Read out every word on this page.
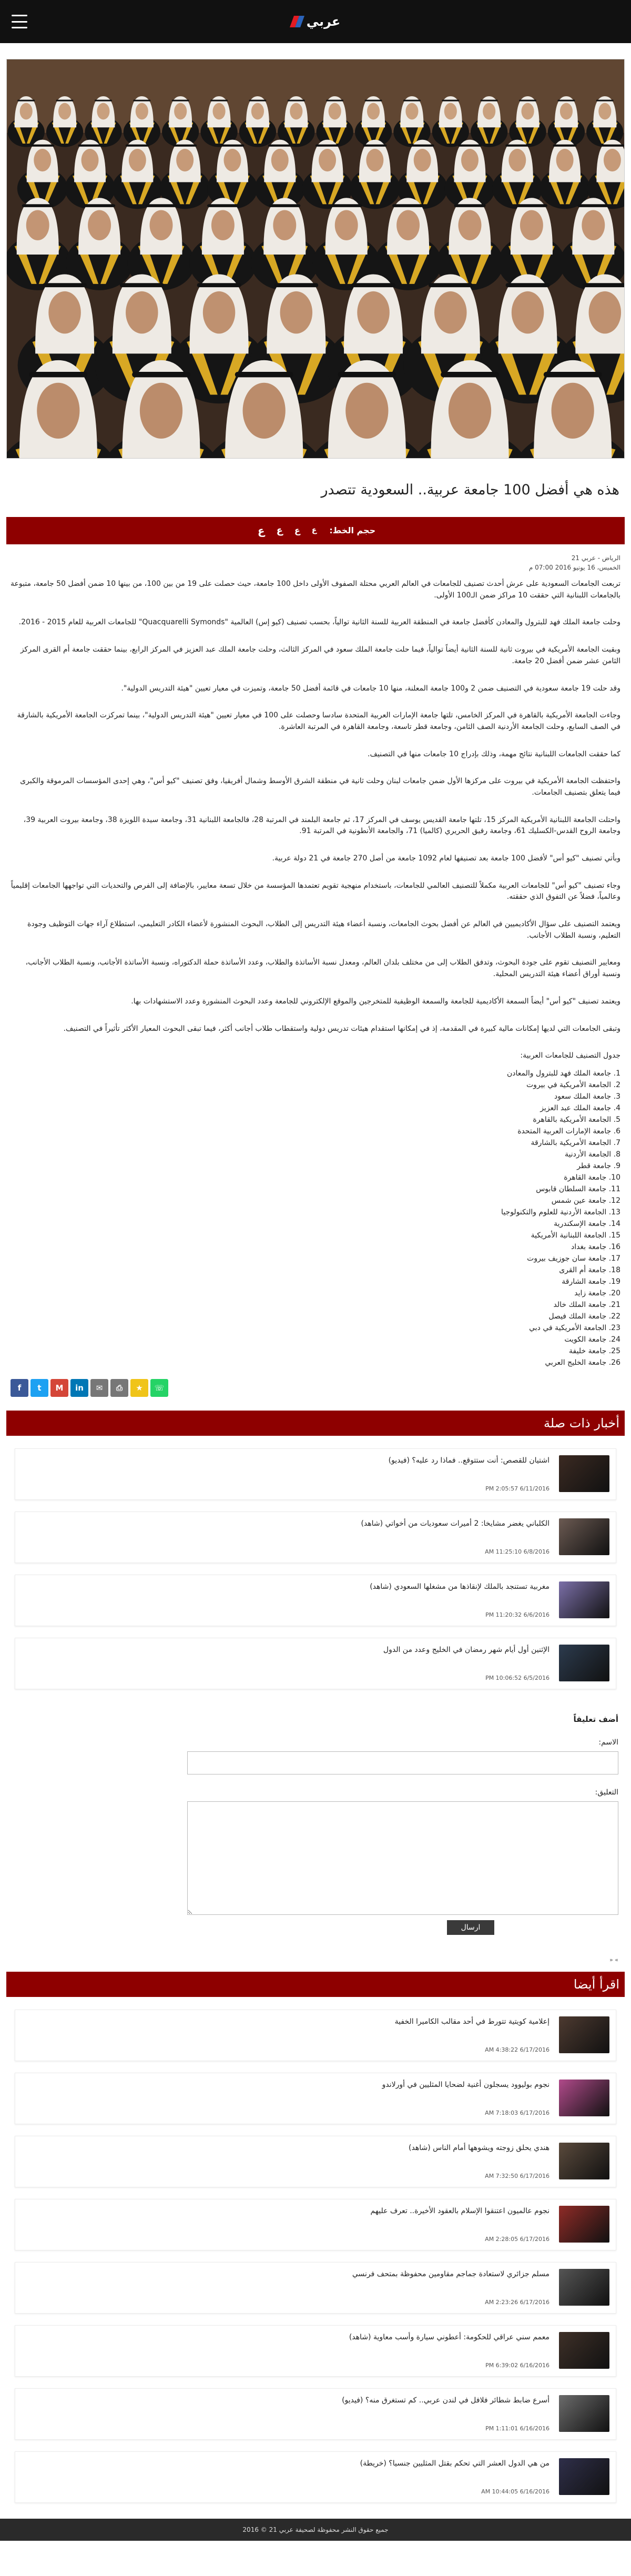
عربي
هذه هي أفضل 100 جامعة عربية.. السعودية تتصدر
حجم الخط:
ع
ع
ع
ع
الرياض - عربي 21
الخميس، 16 يونيو 2016 07:00 م

تربعت الجامعات السعودية على عرش أحدث تصنيف للجامعات في العالم العربي محتلة الصفوف الأولى داخل 100 جامعة، حيث حصلت على 19 من بين 100، من بينها 10 ضمن أفضل 50 جامعة، متبوعة بالجامعات اللبنانية التي حققت 10 مراكز ضمن الـ100 الأولى.

وحلت جامعة الملك فهد للبترول والمعادن كأفضل جامعة في المنطقة العربية للسنة الثانية توالياً، بحسب تصنيف (كيو إس) العالمية "Quacquarelli Symonds" للجامعات العربية للعام 2015 - 2016.

وبقيت الجامعة الأمريكية في بيروت ثانية للسنة الثانية أيضاً توالياً، فيما حلت جامعة الملك سعود في المركز الثالث، وحلت جامعة الملك عبد العزيز في المركز الرابع، بينما حققت جامعة أم القرى المركز الثامن عشر ضمن أفضل 20 جامعة.

وقد حلت 19 جامعة سعودية في التصنيف ضمن 2 و100 جامعة المعلنة، منها 10 جامعات في قائمة أفضل 50 جامعة، وتميزت في معيار تعيين "هيئة التدريس الدولية".

وجاءت الجامعة الأمريكية بالقاهرة في المركز الخامس، تلتها جامعة الإمارات العربية المتحدة سادسا وحصلت على 100 في معيار تعيين "هيئة التدريس الدولية"، بينما تمركزت الجامعة الأمريكية بالشارقة في الصف السابع، وحلت الجامعة الأردنية الصف الثامن، وجامعة قطر تاسعة، وجامعة القاهرة في المرتبة العاشرة.

كما حققت الجامعات اللبنانية نتائج مهمة، وذلك بإدراج 10 جامعات منها في التصنيف.

واحتفظت الجامعة الأمريكية في بيروت على مركزها الأول ضمن جامعات لبنان وحلت ثانية في منطقة الشرق الأوسط وشمال أفريقيا، وفق تصنيف "كيو أس"، وهي إحدى المؤسسات المرموقة والكبرى فيما يتعلق بتصنيف الجامعات.

واحتلت الجامعة اللبنانية الأمريكية المركز 15، تلتها جامعة القديس يوسف في المركز 17، ثم جامعة البلمند في المرتبة 28، فالجامعة اللبنانية 31، وجامعة سيدة اللويزة 38، وجامعة بيروت العربية 39، وجامعة الروح القدس-الكسليك 61، وجامعة رفيق الحريري (كالميا) 71، والجامعة الأنطونية في المرتبة 91.

وبأتي تصنيف "كيو أس" لأفضل 100 جامعة بعد تصنيفها لعام 1092 جامعة من أصل 270 جامعة في 21 دولة عربية.

وجاء تصنيف "كيو أس" للجامعات العربية مكملاً للتصنيف العالمي للجامعات، باستخدام منهجية تقويم تعتمدها المؤسسة من خلال تسعة معايير، بالإضافة إلى الفرص والتحديات التي تواجهها الجامعات إقليمياً وعالمياً، فضلاً عن التفوق الذي حققته.

ويعتمد التصنيف على سؤال الأكاديميين في العالم عن أفضل بحوث الجامعات، ونسبة أعضاء هيئة التدريس إلى الطلاب، البحوث المنشورة لأعضاء الكادر التعليمي، استطلاع آراء جهات التوظيف وجودة التعليم، ونسبة الطلاب الأجانب.

ومعايير التصنيف تقوم على جودة البحوث، وتدفق الطلاب إلى من مختلف بلدان العالم، ومعدل نسبة الأساتذة والطلاب، وعدد الأساتذة حملة الدكتوراه، ونسبة الأساتذة الأجانب، ونسبة الطلاب الأجانب، ونسبة أوراق أعضاء هيئة التدريس المحلية.

ويعتمد تصنيف "كيو أس" أيضاً السمعة الأكاديمية للجامعة والسمعة الوظيفية للمتخرجين والموقع الإلكتروني للجامعة وعدد البحوث المنشورة وعدد الاستشهادات بها.

وتبقى الجامعات التي لديها إمكانات مالية كبيرة في المقدمة، إذ في إمكانها استقدام هيئات تدريس دولية واستقطاب طلاب أجانب أكثر، فيما تبقى البحوث المعيار الأكثر تأثيراً في التصنيف.

جدول التصنيف للجامعات العربية:
1. جامعة الملك فهد للبترول والمعادن
2. الجامعة الأمريكية في بيروت
3. جامعة الملك سعود
4. جامعة الملك عبد العزيز
5. الجامعة الأمريكية بالقاهرة
6. جامعة الإمارات العربية المتحدة
7. الجامعة الأمريكية بالشارقة
8. الجامعة الأردنية
9. جامعة قطر
10. جامعة القاهرة
11. جامعة السلطان قابوس
12. جامعة عين شمس
13. الجامعة الأردنية للعلوم والتكنولوجيا
14. جامعة الإسكندرية
15. الجامعة اللبنانية الأمريكية
16. جامعة بغداد
17. جامعة سان جوزيف بيروت
18. جامعة أم القرى
19. جامعة الشارقة
20. جامعة زايد
21. جامعة الملك خالد
22. جامعة الملك فيصل
23. الجامعة الأمريكية في دبي
24. جامعة الكويت
25. جامعة خليفة
26. جامعة الخليج العربي
f	t	M	in	✉	⎙	★	☏
أخبار ذات صلة
اشتيان للقصص: أنت ستتوقع.. فماذا رد عليه؟ (فيديو)
PM 2:05:57 6/11/2016
الكلباني يغضر مشايخا: 2 أميرات سعوديات من أخواتي (شاهد)
AM 11:25:10 6/8/2016
مغربية تستنجد بالملك لإنقاذها من مشغلها السعودي (شاهد)
PM 11:20:32 6/6/2016
الإثنين أول أيام شهر رمضان في الخليج وعدد من الدول
PM 10:06:52 6/5/2016
أضف تعليقاً
الاسم:
التعليق:
ارسال
» «
اقرأ أيضا
إعلامية كويتية تتورط في أحد مقالب الكاميرا الخفية
AM 4:38:22 6/17/2016
نجوم بوليوود يسجلون أغنية لضحايا المثليين في أورلاندو
AM 7:18:03 6/17/2016
هندي يحلق زوجته ويشوهها أمام الناس (شاهد)
AM 7:32:50 6/17/2016
نجوم عالميون اعتنقوا الإسلام بالعقود الأخيرة.. تعرف عليهم
AM 2:28:05 6/17/2016
مسلم جزائري لاستعادة جماجم مقاومين محفوظة بمتحف فرنسي
AM 2:23:26 6/17/2016
معمم سني عراقي للحكومة: أعطوني سيارة وأسب معاوية (شاهد)
PM 6:39:02 6/16/2016
أسرع ضابط شطائر فلافل في لندن عربي.. كم تستغرق منه؟ (فيديو)
PM 1:11:01 6/16/2016
من هي الدول العشر التي تحكم بقتل المثليين جنسيا؟ (خريطة)
AM 10:44:05 6/16/2016
جميع حقوق النشر محفوظة لصحيفة عربي 21 © 2016
